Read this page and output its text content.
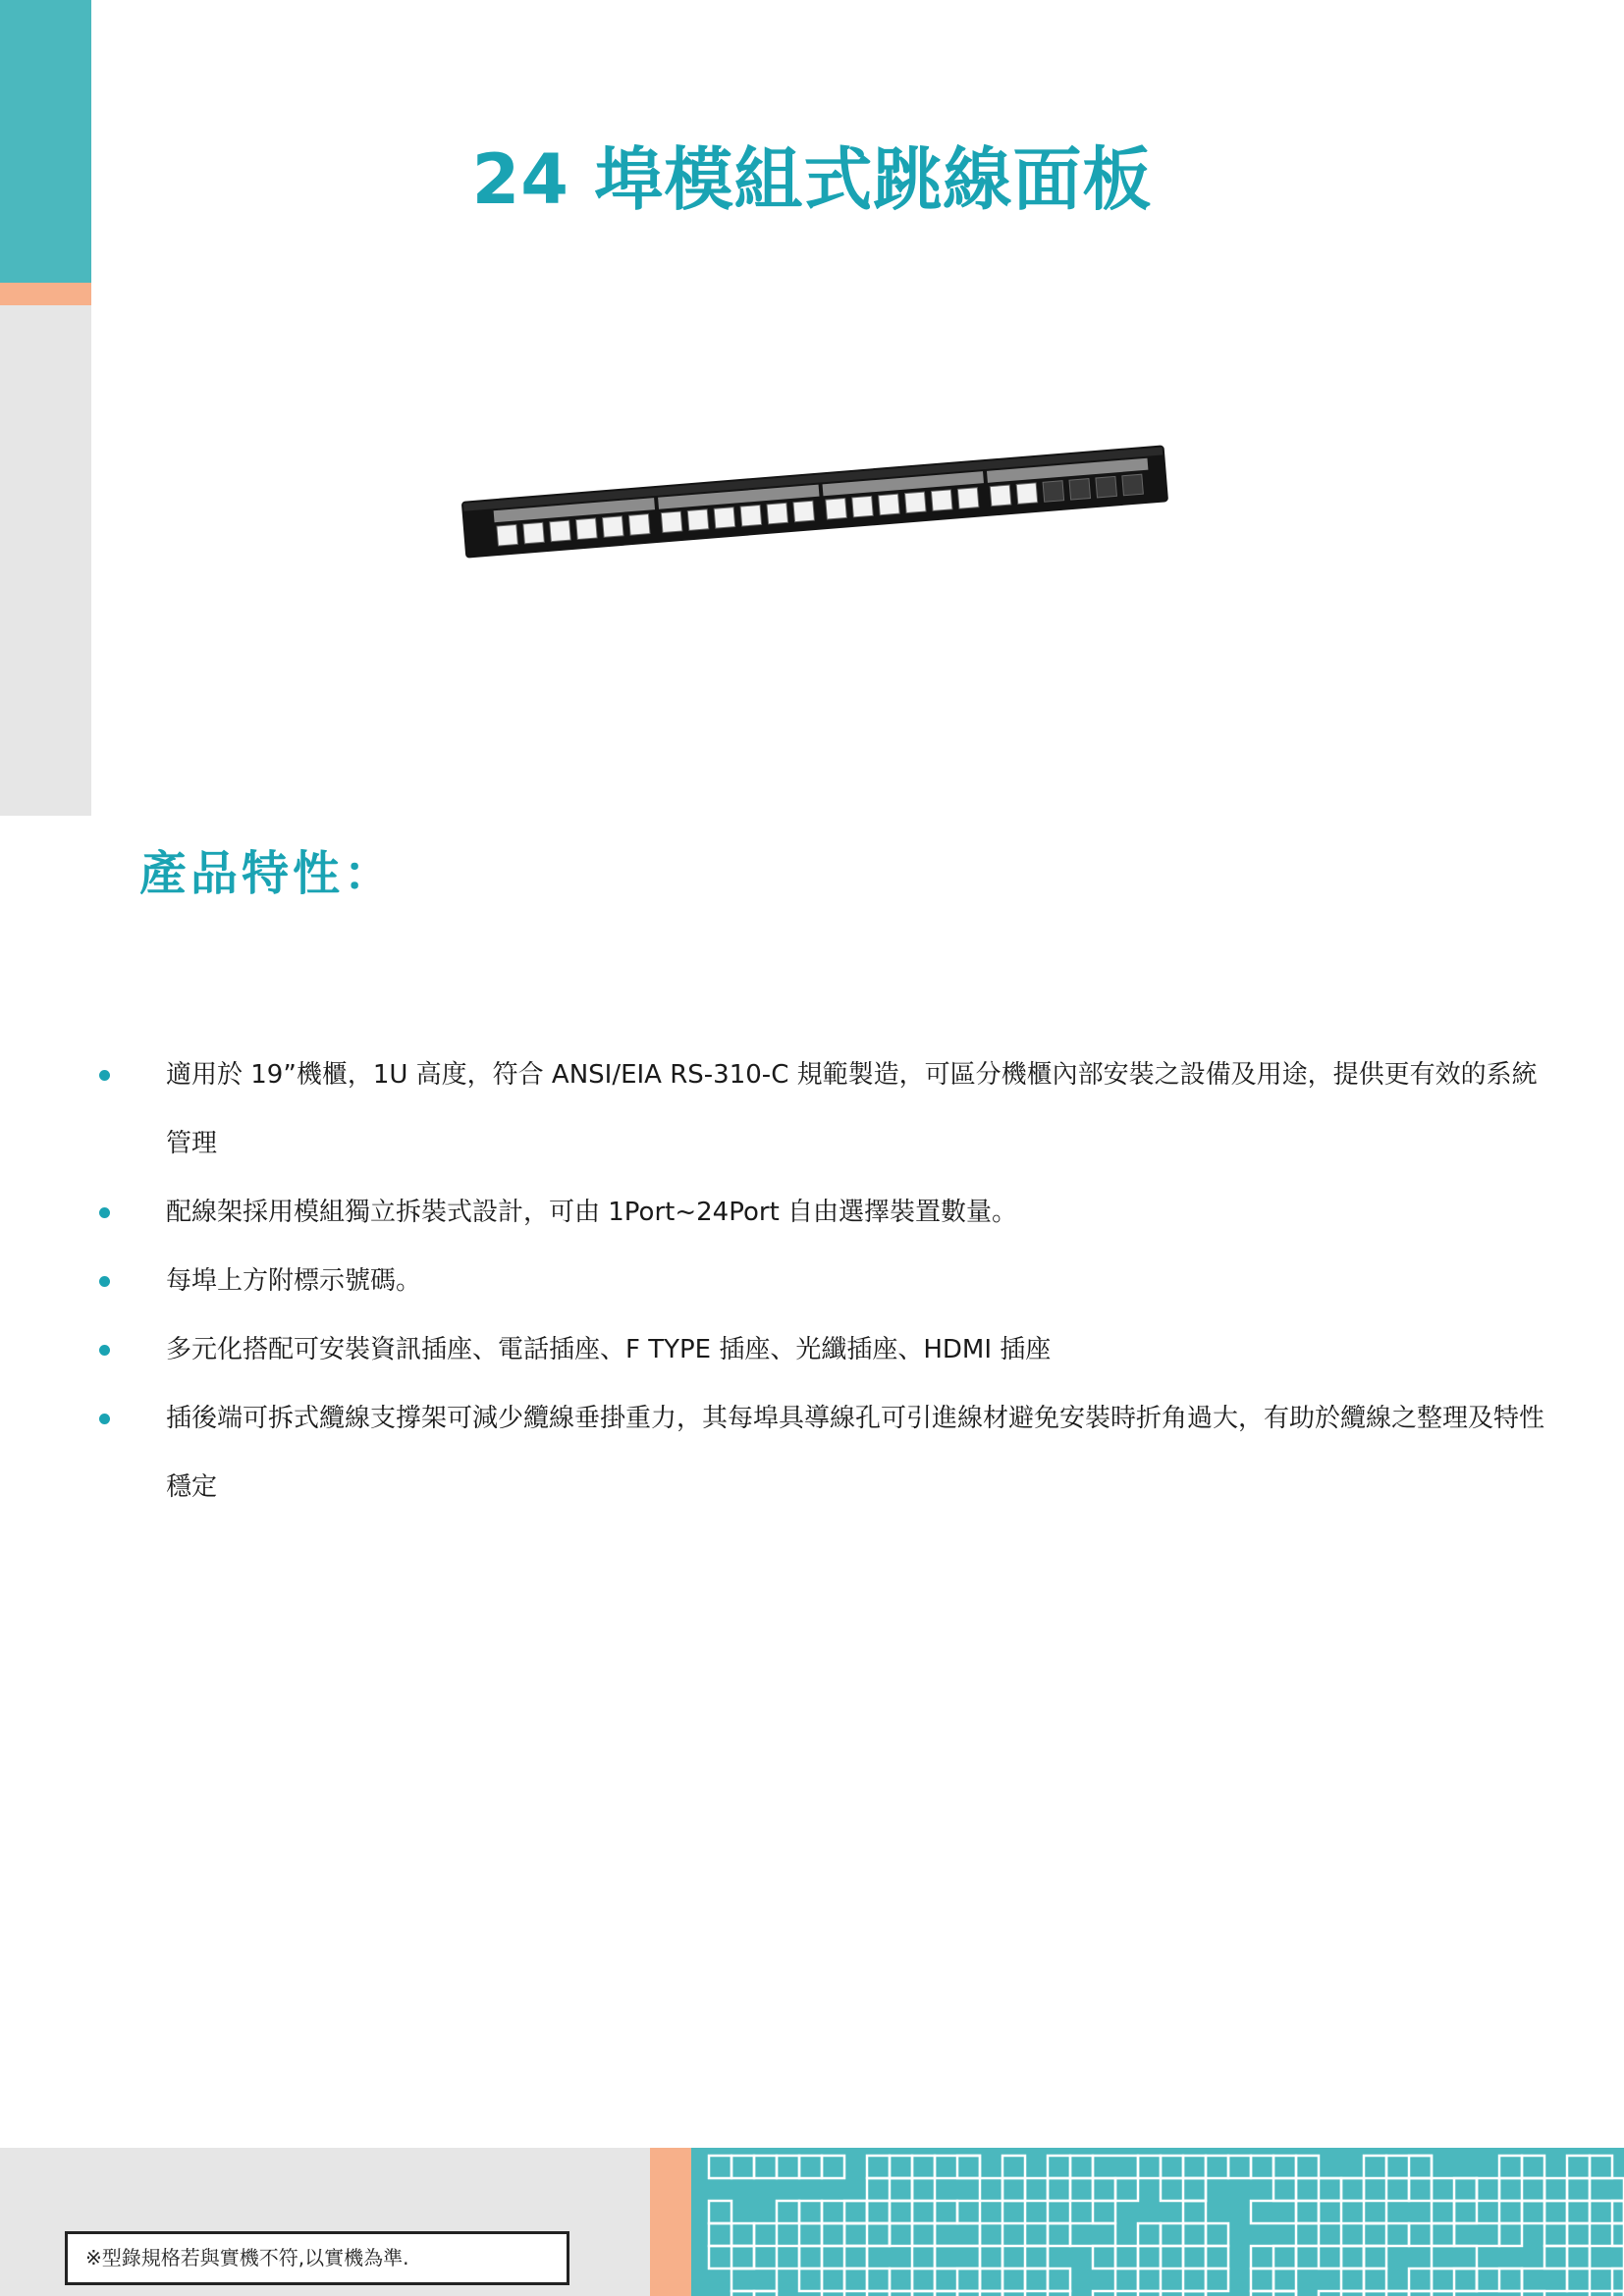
24 埠模組式跳線面板
產品特性：

適用於 19”機櫃，1U 高度，符合 ANSI/EIA RS-310-C 規範製造，可區分機櫃內部安裝之設備及用途，提供更有效的系統管理

配線架採用模組獨立拆裝式設計，可由 1Port~24Port 自由選擇裝置數量。

每埠上方附標示號碼。

多元化搭配可安裝資訊插座、電話插座、F TYPE 插座、光纖插座、HDMI 插座

插後端可拆式纜線支撐架可減少纜線垂掛重力，其每埠具導線孔可引進線材避免安裝時折角過大，有助於纜線之整理及特性穩定

※型錄規格若與實機不符,以實機為準.
